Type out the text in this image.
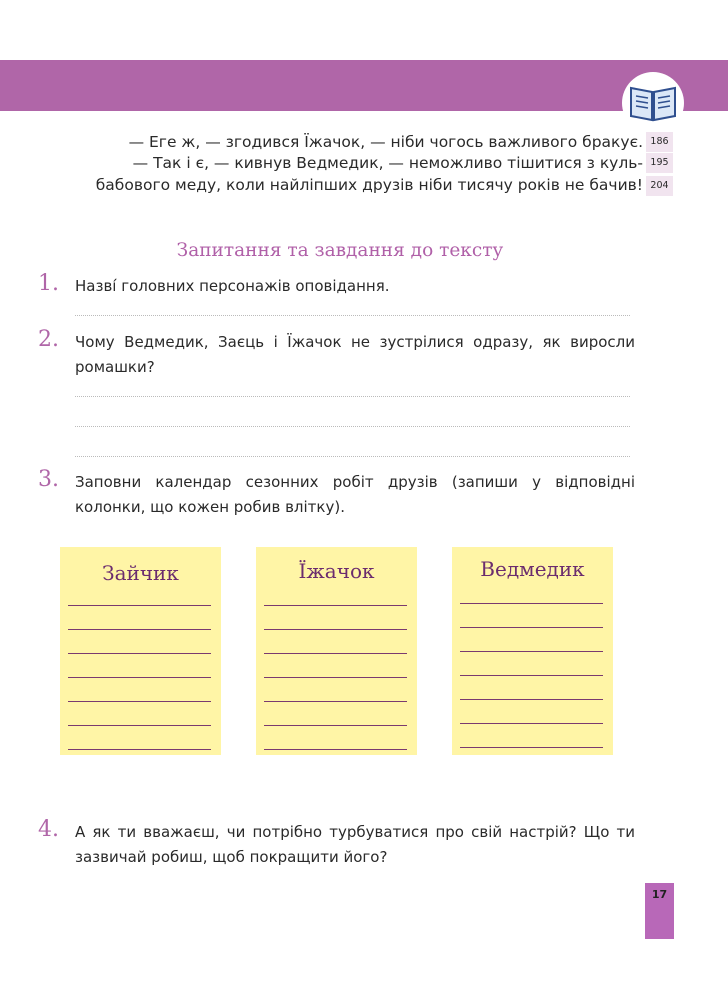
— Еге ж, — згодився Їжачок, — ніби чогось важливого бракує. 186
— Так і є, — кивнув Ведмедик, — неможливо тішитися з куль- 195
бабового меду, коли найліпших друзів ніби тисячу років не бачив! 204
Запитання та завдання до тексту
1. Назві́ головних персонажів оповідання.
2. Чому Ведмедик, Заєць і Їжачок не зустрілися одразу, як виросли ромашки?
3. Заповни календар сезонних робіт друзів (запиши у відповідні колонки, що кожен робив влітку).
Зайчик	Їжачок	Ведмедик
4. А як ти вважаєш, чи потрібно турбуватися про свій настрій? Що ти зазвичай робиш, щоб покращити його?
17
